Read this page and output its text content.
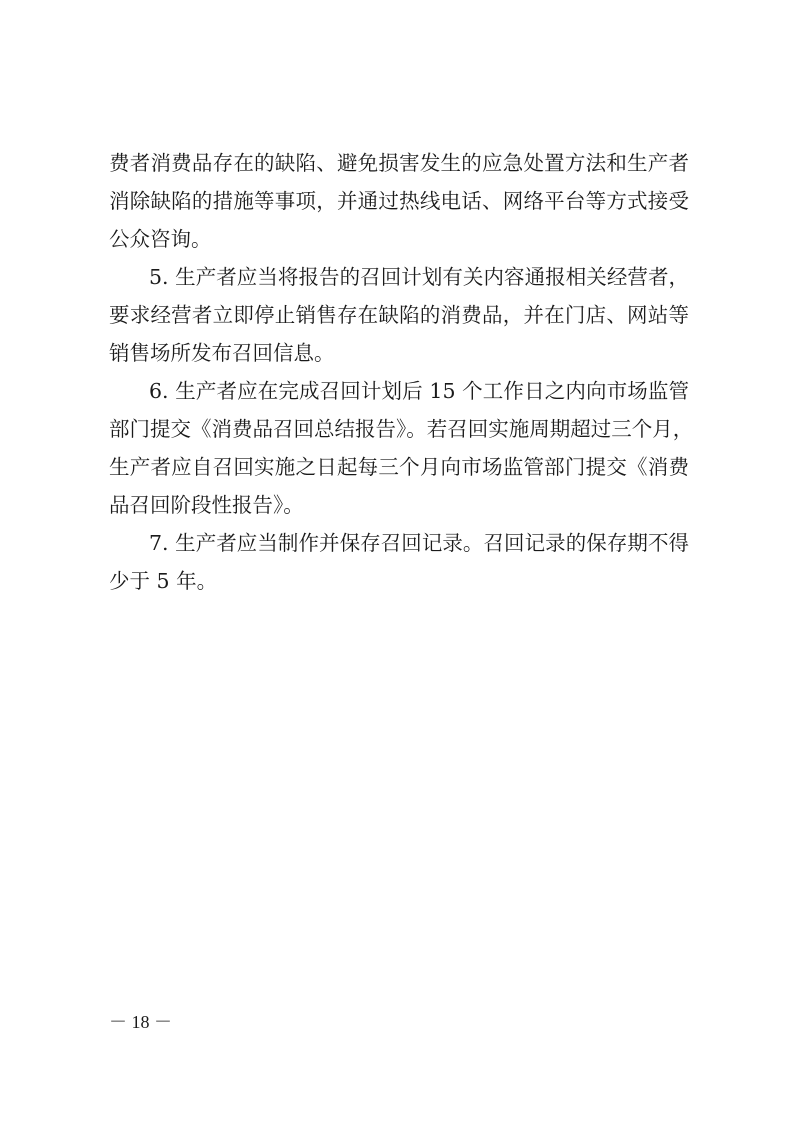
费者消费品存在的缺陷、避免损害发生的应急处置方法和生产者
消除缺陷的措施等事项，并通过热线电话、网络平台等方式接受
公众咨询。
5. 生产者应当将报告的召回计划有关内容通报相关经营者，
要求经营者立即停止销售存在缺陷的消费品，并在门店、网站等
销售场所发布召回信息。
6. 生产者应在完成召回计划后 15 个工作日之内向市场监管
部门提交《消费品召回总结报告》。若召回实施周期超过三个月，
生产者应自召回实施之日起每三个月向市场监管部门提交《消费
品召回阶段性报告》。
7. 生产者应当制作并保存召回记录。召回记录的保存期不得
少于 5 年。
－ 18 －
